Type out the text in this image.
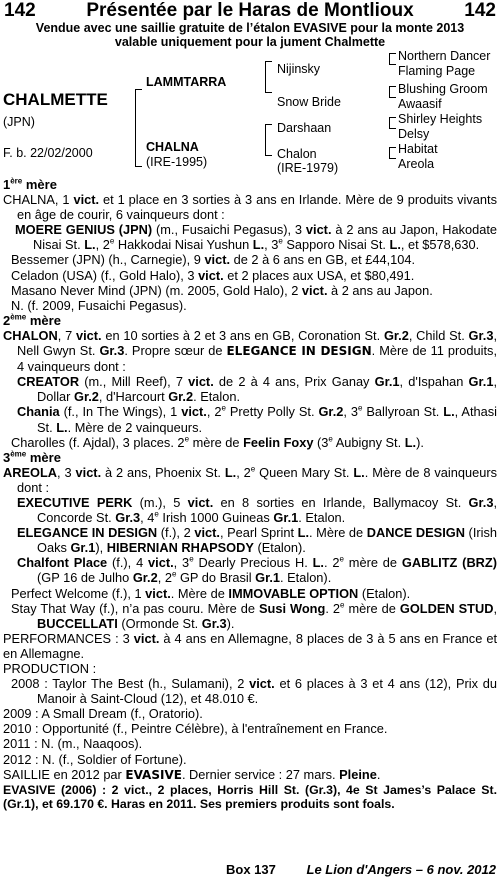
142	Présentée par le Haras de Montlioux	142
Vendue avec une saillie gratuite de l’étalon EVASIVE pour la monte 2013
valable uniquement pour la jument Chalmette
CHALMETTE
(JPN)
F. b. 22/02/2000
LAMMTARRA
CHALNA
(IRE-1995)
Nijinsky
Snow Bride
Darshaan
Chalon
(IRE-1979)
Northern Dancer
Flaming Page
Blushing Groom
Awaasif
Shirley Heights
Delsy
Habitat
Areola

1ère mère

CHALNA, 1 vict. et 1 place en 3 sorties à 3 ans en Irlande. Mère de 9 produits vivants en âge de courir, 6 vainqueurs dont :

MOERE GENIUS (JPN) (m., Fusaichi Pegasus), 3 vict. à 2 ans au Japon, Hakodate Nisai St. L., 2e Hakkodai Nisai Yushun L., 3e Sapporo Nisai St. L., et $578,630.

Bessemer (JPN) (h., Carnegie), 9 vict. de 2 à 6 ans en GB, et £44,104.

Celadon (USA) (f., Gold Halo), 3 vict. et 2 places aux USA, et $80,491.

Masano Never Mind (JPN) (m. 2005, Gold Halo), 2 vict. à 2 ans au Japon.

N. (f. 2009, Fusaichi Pegasus).

2ème mère

CHALON, 7 vict. en 10 sorties à 2 et 3 ans en GB, Coronation St. Gr.2, Child St. Gr.3, Nell Gwyn St. Gr.3. Propre sœur de ELEGANCE IN DESIGN. Mère de 11 produits, 4 vainqueurs dont :

CREATOR (m., Mill Reef), 7 vict. de 2 à 4 ans, Prix Ganay Gr.1, d'Ispahan Gr.1, Dollar Gr.2, d'Harcourt Gr.2. Etalon.

Chania (f., In The Wings), 1 vict., 2e Pretty Polly St. Gr.2, 3e Ballyroan St. L., Athasi St. L.. Mère de 2 vainqueurs.

Charolles (f. Ajdal), 3 places. 2e mère de Feelin Foxy (3e Aubigny St. L.).

3ème mère

AREOLA, 3 vict. à 2 ans, Phoenix St. L., 2e Queen Mary St. L.. Mère de 8 vainqueurs dont :

EXECUTIVE PERK (m.), 5 vict. en 8 sorties en Irlande, Ballymacoy St. Gr.3, Concorde St. Gr.3, 4e Irish 1000 Guineas Gr.1. Etalon.

ELEGANCE IN DESIGN (f.), 2 vict., Pearl Sprint L.. Mère de DANCE DESIGN (Irish Oaks Gr.1), HIBERNIAN RHAPSODY (Etalon).

Chalfont Place (f.), 4 vict., 3e Dearly Precious H. L.. 2e mère de GABLITZ (BRZ) (GP 16 de Julho Gr.2, 2e GP do Brasil Gr.1. Etalon).

Perfect Welcome (f.), 1 vict.. Mère de IMMOVABLE OPTION (Etalon).

Stay That Way (f.), n’a pas couru. Mère de Susi Wong. 2e mère de GOLDEN STUD, BUCCELLATI (Ormonde St. Gr.3).

PERFORMANCES : 3 vict. à 4 ans en Allemagne, 8 places de 3 à 5 ans en France et en Allemagne.

PRODUCTION :

2008 : Taylor The Best (h., Sulamani), 2 vict. et 6 places à 3 et 4 ans (12), Prix du Manoir à Saint-Cloud (12), et 48.010 €.

2009 : A Small Dream (f., Oratorio).

2010 : Opportunité (f., Peintre Célèbre), à l'entraînement en France.

2011 : N. (m., Naaqoos).

2012 : N. (f., Soldier of Fortune).

SAILLIE en 2012 par EVASIVE. Dernier service : 27 mars. Pleine.

EVASIVE (2006) : 2 vict., 2 places, Horris Hill St. (Gr.3), 4e St James’s Palace St. (Gr.1), et 69.170 €. Haras en 2011. Ses premiers produits sont foals.
Box 137 Le Lion d'Angers – 6 nov. 2012
